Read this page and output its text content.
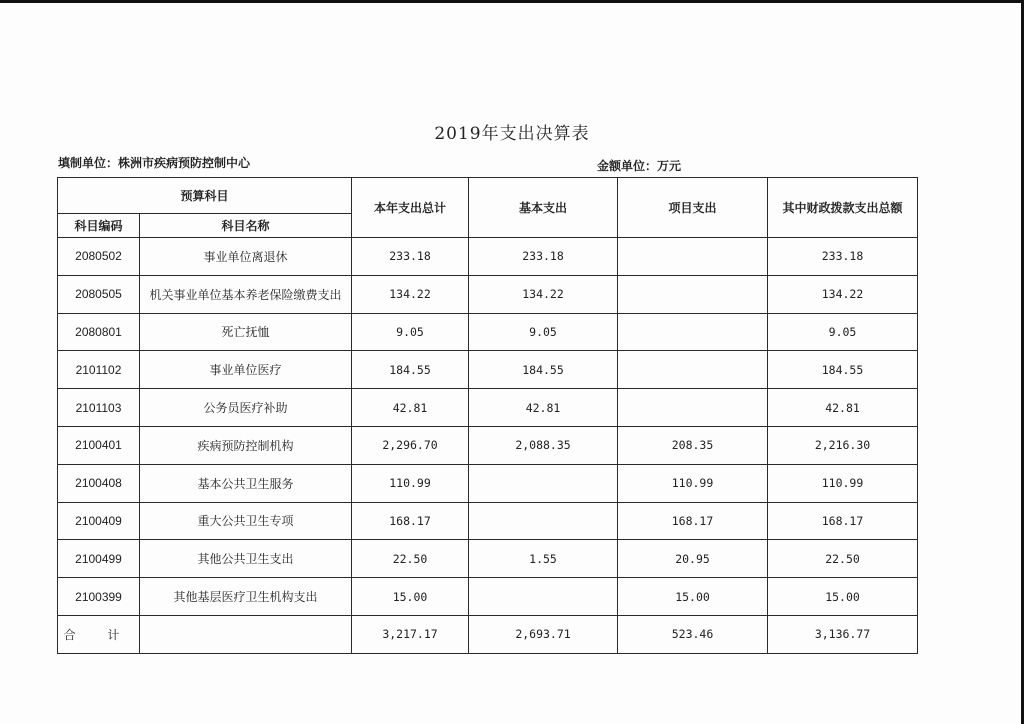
2019年支出决算表
填制单位：株洲市疾病预防控制中心	金额单位：万元
预算科目		本年支出总计	基本支出	项目支出	其中财政拨款支出总额
科目编码	科目名称				
2080502	事业单位离退休	233.18	233.18		233.18
2080505	机关事业单位基本养老保险缴费支出	134.22	134.22		134.22
2080801	死亡抚恤	9.05	9.05		9.05
2101102	事业单位医疗	184.55	184.55		184.55
2101103	公务员医疗补助	42.81	42.81		42.81
2100401	疾病预防控制机构	2,296.70	2,088.35	208.35	2,216.30
2100408	基本公共卫生服务	110.99		110.99	110.99
2100409	重大公共卫生专项	168.17		168.17	168.17
2100499	其他公共卫生支出	22.50	1.55	20.95	22.50
2100399	其他基层医疗卫生机构支出	15.00		15.00	15.00
合 计		3,217.17	2,693.71	523.46	3,136.77
